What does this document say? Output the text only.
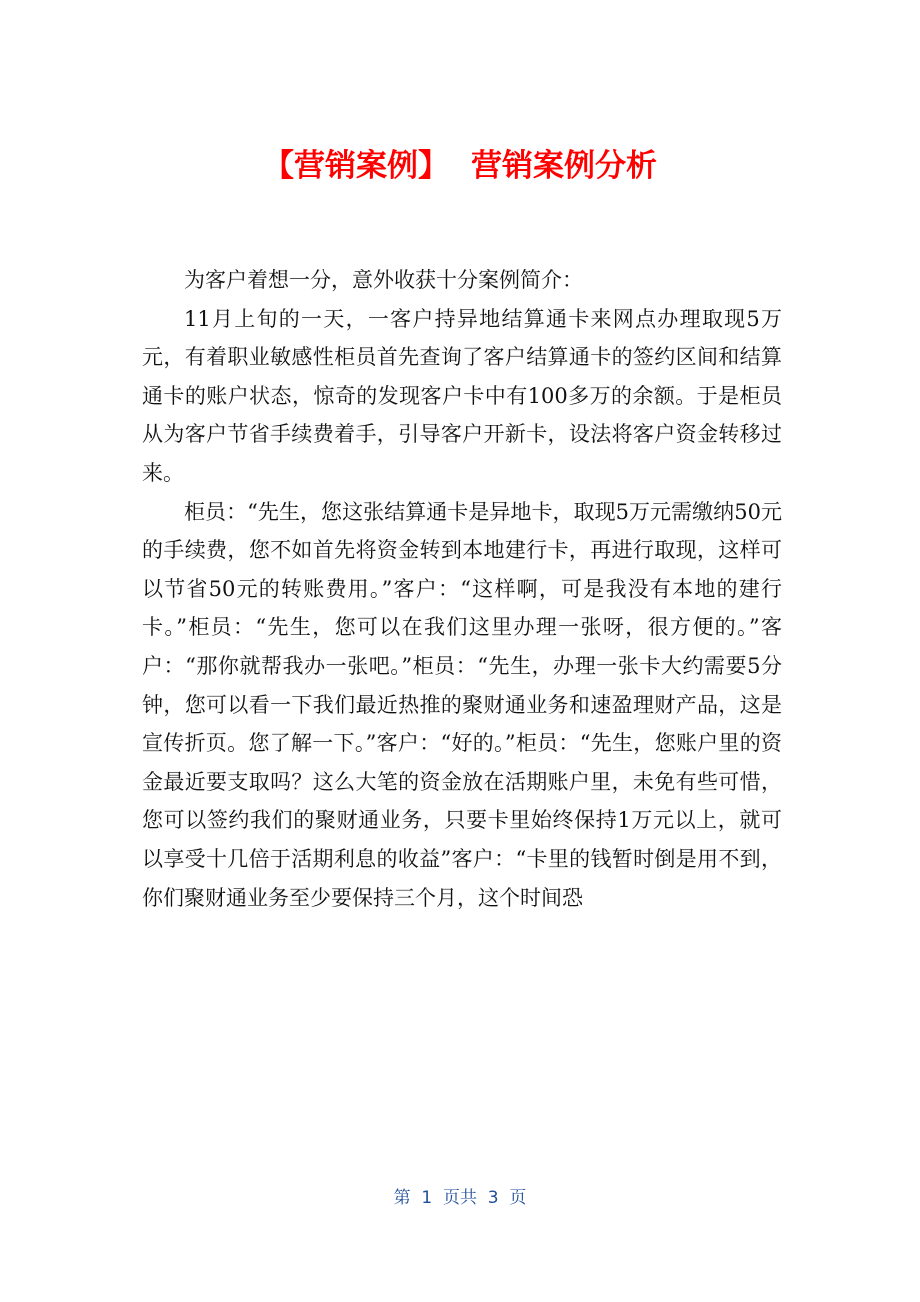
【营销案例】 营销案例分析

为客户着想一分，意外收获十分案例简介：

11月上旬的一天，一客户持异地结算通卡来网点办理取现5万元，有着职业敏感性柜员首先查询了客户结算通卡的签约区间和结算通卡的账户状态，惊奇的发现客户卡中有100多万的余额。于是柜员从为客户节省手续费着手，引导客户开新卡，设法将客户资金转移过来。

柜员：“先生，您这张结算通卡是异地卡，取现5万元需缴纳50元的手续费，您不如首先将资金转到本地建行卡，再进行取现，这样可以节省50元的转账费用。”客户：“这样啊，可是我没有本地的建行卡。”柜员：“先生，您可以在我们这里办理一张呀，很方便的。”客户：“那你就帮我办一张吧。”柜员：“先生，办理一张卡大约需要5分钟，您可以看一下我们最近热推的聚财通业务和速盈理财产品，这是宣传折页。您了解一下。”客户：“好的。”柜员：“先生，您账户里的资金最近要支取吗？这么大笔的资金放在活期账户里，未免有些可惜，您可以签约我们的聚财通业务，只要卡里始终保持1万元以上，就可以享受十几倍于活期利息的收益”客户：“卡里的钱暂时倒是用不到，你们聚财通业务至少要保持三个月，这个时间恐

第  1  页共  3  页
